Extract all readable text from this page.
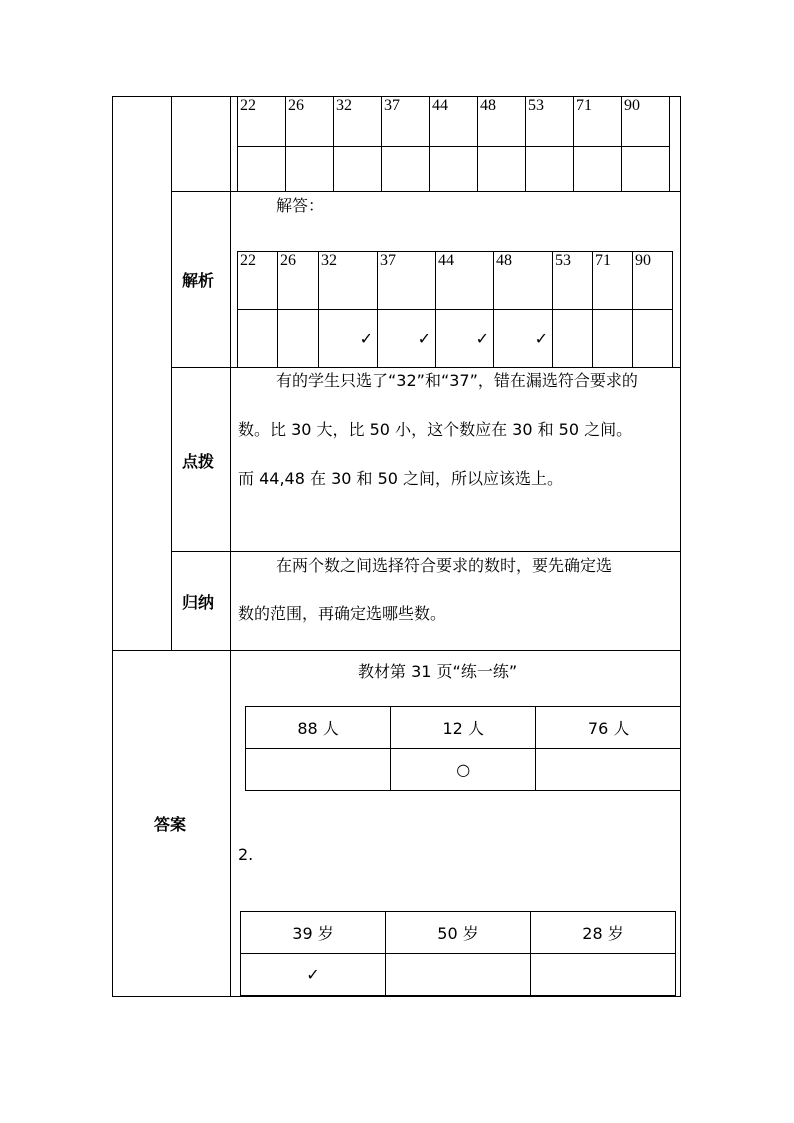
22	26	32	37	44	48	53	71	90

解析
解答：
22	26	32	37	44	48	53	71	90
		✓	✓	✓	✓			
点拨
有的学生只选了“32”和“37”，错在漏选符合要求的
数。比 30 大，比 50 小，这个数应在 30 和 50 之间。
而 44,48 在 30 和 50 之间，所以应该选上。
归纳
在两个数之间选择符合要求的数时，要先确定选
数的范围，再确定选哪些数。
答案
教材第 31 页“练一练”
88 人	12 人	76 人
	○	
2.
39 岁	50 岁	28 岁
✓		
